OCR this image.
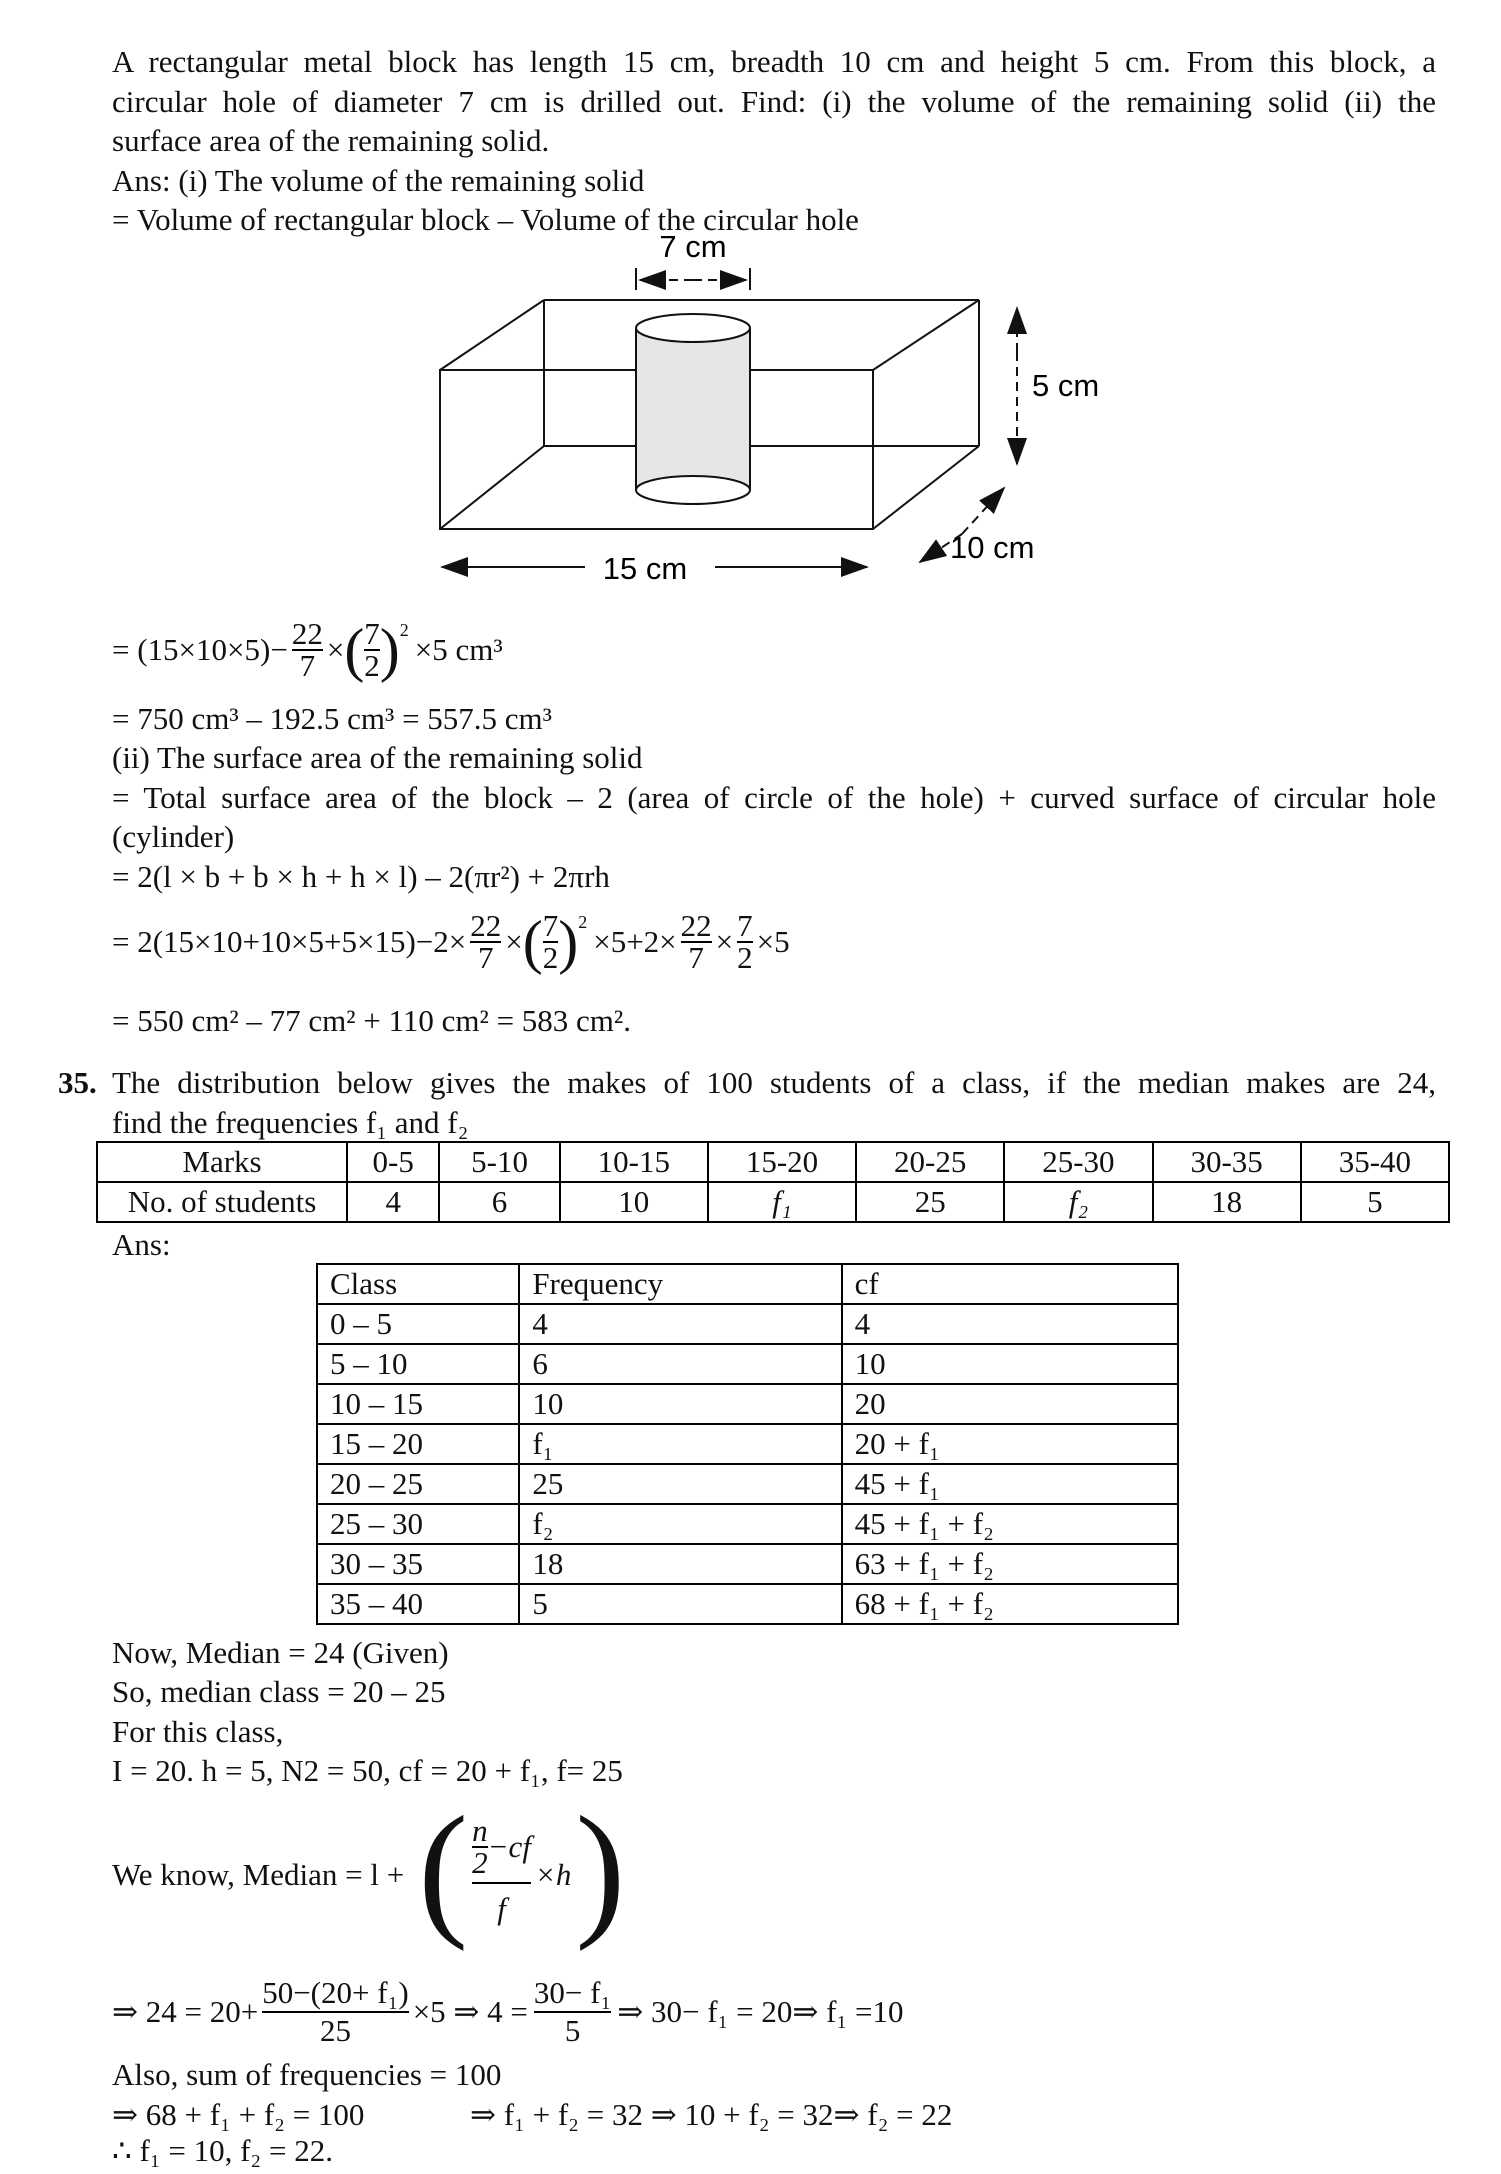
A rectangular metal block has length 15 cm, breadth 10 cm and height 5 cm. From this block, a
circular hole of diameter 7 cm is drilled out. Find: (i) the volume of the remaining solid (ii) the
surface area of the remaining solid.
Ans: (i) The volume of the remaining solid
= Volume of rectangular block – Volume of the circular hole
7 cm
5 cm
10 cm
15 cm
= $(15\times 10\times 5)- \frac{22}{7}$ × ( $\frac{7}{2}$ ) 2
×5 cm³
= 750 cm³ – 192.5 cm³ = 557.5 cm³
(ii) The surface area of the remaining solid
= Total surface area of the block – 2 (area of circle of the hole) + curved surface of circular hole
(cylinder)
= 2(l × b + b × h + h × l) – 2(πr²) + 2πrh
= $2(15\times 10+10\times 5+5\times 15)-2\times \frac{22}{7}$ × ( $\frac{7}{2}$ ) 2
$\times 5+2\times \frac{22}{7} \times \frac{7}{2} \times 5$
= 550 cm² – 77 cm² + 110 cm² = 583 cm².
35. The distribution below gives the makes of 100 students of a class, if the median makes are 24,
find the frequencies f₁ and f₂
Marks	0-5	5-10	10-15	15-20	20-25	25-30	30-35	35-40
No. of students	4	6	10	f₁	25	f₂	18	5
Ans:
Class	Frequency	cf
0 – 5	4	4
5 – 10	6	10
10 – 15	10	20
15 – 20	f₁	20 + f₁
20 – 25	25	45 + f₁
25 – 30	f₂	45 + f₁ + f₂
30 – 35	18	63 + f₁ + f₂
35 – 40	5	68 + f₁ + f₂
Now, Median = 24 (Given)
So, median class = 20 – 25
For this class,
I = 20. h = 5, N2 = 50, cf = 20 + f₁, f= 25
We know, Median = l + ( $\frac{\frac{n}{2} -cf}{f} \times h$ )
⇒ $24 = 20+ \frac{\text{50−(20+ f₁)}}{25} \times 5$ ⇒ $4 = \frac{\text{30− f₁}}{5}$ ⇒ 30− f₁ = 20⇒ f₁ =10
Also, sum of frequencies = 100
⇒ 68 + f₁ + f₂ = 100	⇒ f₁ + f₂ = 32 ⇒ 10 + f₂ = 32⇒ f₂ = 22
∴ f₁ = 10, f₂ = 22.
